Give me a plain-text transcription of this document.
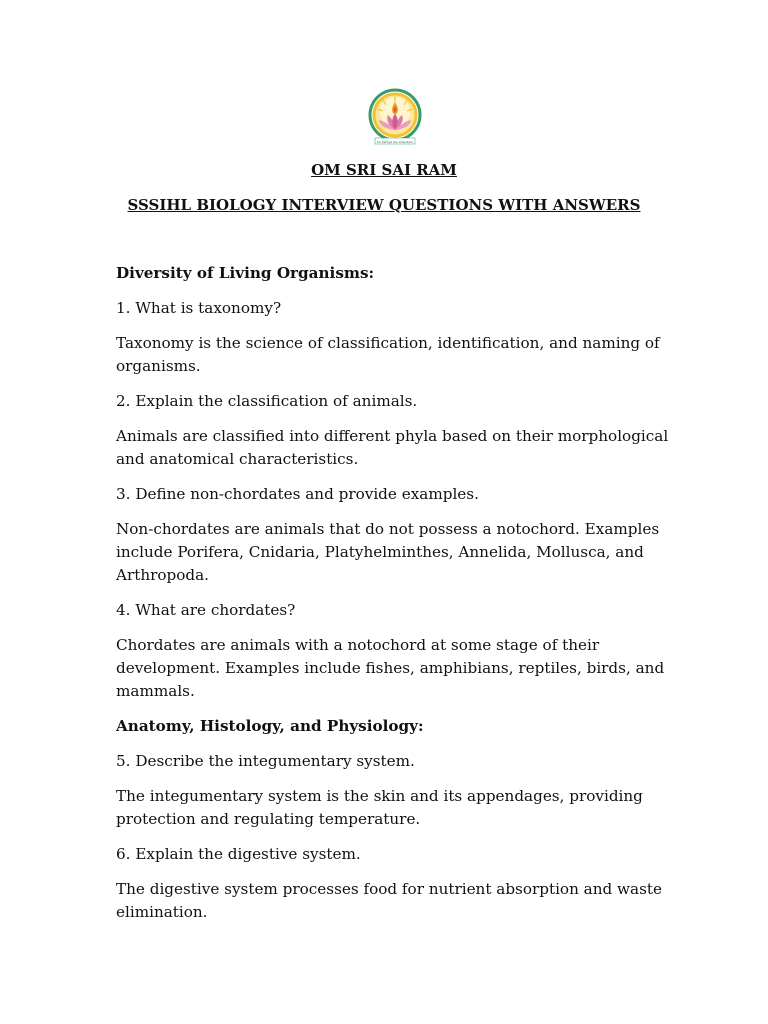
Sri Sathya Sai Anandam
OM SRI SAI RAM
SSSIHL BIOLOGY INTERVIEW QUESTIONS WITH ANSWERS

Diversity of Living Organisms:

1. What is taxonomy?

Taxonomy is the science of classification, identification, and naming of organisms.

2. Explain the classification of animals.

Animals are classified into different phyla based on their morphological and anatomical characteristics.

3. Define non-chordates and provide examples.

Non-chordates are animals that do not possess a notochord. Examples include Porifera, Cnidaria, Platyhelminthes, Annelida, Mollusca, and Arthropoda.

4. What are chordates?

Chordates are animals with a notochord at some stage of their development. Examples include fishes, amphibians, reptiles, birds, and mammals.

Anatomy, Histology, and Physiology:

5. Describe the integumentary system.

The integumentary system is the skin and its appendages, providing protection and regulating temperature.

6. Explain the digestive system.

The digestive system processes food for nutrient absorption and waste elimination.
